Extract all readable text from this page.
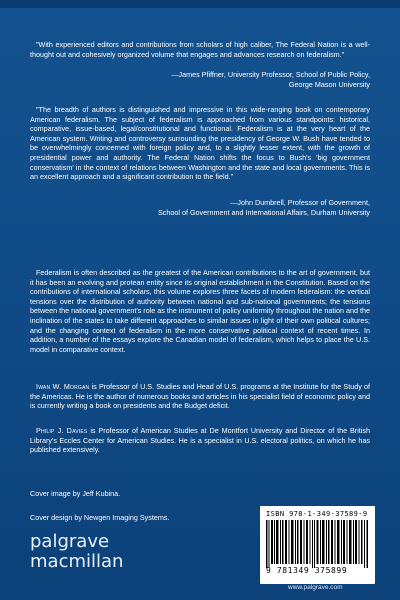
"With experienced editors and contributions from scholars of high caliber, The Federal Nation is a well-thought out and cohesively organized volume that engages and advances research on federalism."
—James Pfiffner, University Professor, School of Public Policy,
George Mason University
"The breadth of authors is distinguished and impressive in this wide-ranging book on contemporary American federalism. The subject of federalism is approached from various standpoints: historical, comparative, issue-based, legal/constitutional and functional. Federalism is at the very heart of the American system. Writing and controversy surrounding the presidency of George W. Bush have tended to be overwhelmingly concerned with foreign policy and, to a slightly lesser extent, with the growth of presidential power and authority. The Federal Nation shifts the focus to Bush's 'big government conservatism' in the context of relations between Washington and the state and local governments. This is an excellent approach and a significant contribution to the field."
—John Dumbrell, Professor of Government,
School of Government and International Affairs, Durham University
Federalism is often described as the greatest of the American contributions to the art of government, but it has been an evolving and protean entity since its original establishment in the Constitution. Based on the contributions of international scholars, this volume explores three facets of modern federalism: the vertical tensions over the distribution of authority between national and sub-national governments; the tensions between the national government's role as the instrument of policy uniformity throughout the nation and the inclination of the states to take different approaches to similar issues in light of their own political cultures; and the changing context of federalism in the more conservative political context of recent times. In addition, a number of the essays explore the Canadian model of federalism, which helps to place the U.S. model in comparative context.
Iwan W. Morgan is Professor of U.S. Studies and Head of U.S. programs at the Institute for the Study of the Americas. He is the author of numerous books and articles in his specialist field of economic policy and is currently writing a book on presidents and the Budget deficit.
Philip J. Davies is Professor of American Studies at De Montfort University and Director of the British Library's Eccles Center for American Studies. He is a specialist in U.S. electoral politics, on which he has published extensively.
Cover image by Jeff Kubina.
Cover design by Newgen Imaging Systems.
palgrave
macmillan
ISBN 978-1-349-37589-9
9 781349 375899
www.palgrave.com
